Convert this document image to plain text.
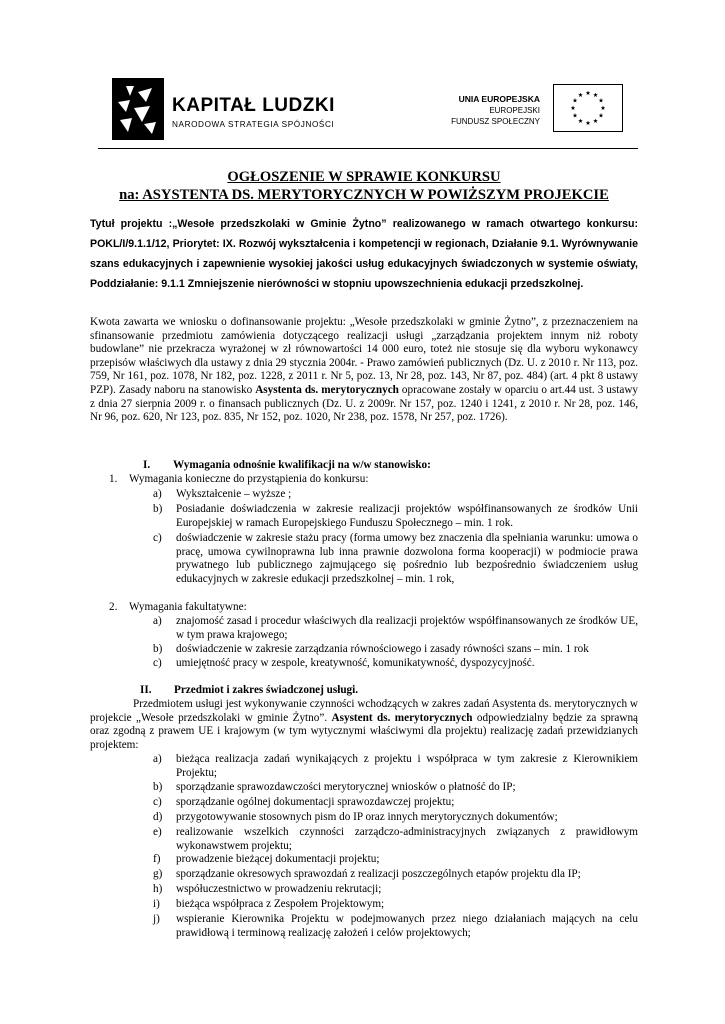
KAPITAŁ LUDZKI
NARODOWA STRATEGIA SPÓJNOŚCI
UNIA EUROPEJSKA
EUROPEJSKI
FUNDUSZ SPOŁECZNY
OGŁOSZENIE W SPRAWIE KONKURSU
na: ASYSTENTA DS. MERYTORYCZNYCH W POWIŻSZYM PROJEKCIE
Tytuł projektu :„Wesołe przedszkolaki w Gminie Żytno” realizowanego w ramach otwartego konkursu: POKL/I/9.1.1/12, Priorytet: IX. Rozwój wykształcenia i kompetencji w regionach, Działanie 9.1. Wyrównywanie szans edukacyjnych i zapewnienie wysokiej jakości usług edukacyjnych świadczonych w systemie oświaty, Poddziałanie: 9.1.1 Zmniejszenie nierówności w stopniu upowszechnienia edukacji przedszkolnej.
Kwota zawarta we wniosku o dofinansowanie projektu: „Wesołe przedszkolaki w gminie Żytno”, z przeznaczeniem na sfinansowanie przedmiotu zamówienia dotyczącego realizacji usługi „zarządzania projektem innym niż roboty budowlane” nie przekracza wyrażonej w zł równowartości 14 000 euro, toteż nie stosuje się dla wyboru wykonawcy przepisów właściwych dla ustawy z dnia 29 stycznia 2004r. - Prawo zamówień publicznych (Dz. U. z 2010 r. Nr 113, poz. 759, Nr 161, poz. 1078, Nr 182, poz. 1228, z 2011 r. Nr 5, poz. 13, Nr 28, poz. 143, Nr 87, poz. 484) (art. 4 pkt 8 ustawy PZP). Zasady naboru na stanowisko Asystenta ds. merytorycznych opracowane zostały w oparciu o art.44 ust. 3 ustawy z dnia 27 sierpnia 2009 r. o finansach publicznych (Dz. U. z 2009r. Nr 157, poz. 1240 i 1241, z 2010 r. Nr 28, poz. 146, Nr 96, poz. 620, Nr 123, poz. 835, Nr 152, poz. 1020, Nr 238, poz. 1578, Nr 257, poz. 1726).
I. Wymagania odnośnie kwalifikacji na w/w stanowisko:
1. Wymagania konieczne do przystąpienia do konkursu:
a) Wykształcenie – wyższe ;
b) Posiadanie doświadczenia w zakresie realizacji projektów współfinansowanych ze środków Unii Europejskiej w ramach Europejskiego Funduszu Społecznego – min. 1 rok.
c) doświadczenie w zakresie stażu pracy (forma umowy bez znaczenia dla spełniania warunku: umowa o pracę, umowa cywilnoprawna lub inna prawnie dozwolona forma kooperacji) w podmiocie prawa prywatnego lub publicznego zajmującego się pośrednio lub bezpośrednio świadczeniem usług edukacyjnych w zakresie edukacji przedszkolnej – min. 1 rok,
2. Wymagania fakultatywne:
a) znajomość zasad i procedur właściwych dla realizacji projektów współfinansowanych ze środków UE, w tym prawa krajowego;
b) doświadczenie w zakresie zarządzania równościowego i zasady równości szans – min. 1 rok
c) umiejętność pracy w zespole, kreatywność, komunikatywność, dyspozycyjność.
II. Przedmiot i zakres świadczonej usługi.
Przedmiotem usługi jest wykonywanie czynności wchodzących w zakres zadań Asystenta ds. merytorycznych w projekcie „Wesołe przedszkolaki w gminie Żytno”. Asystent ds. merytorycznych odpowiedzialny będzie za sprawną oraz zgodną z prawem UE i krajowym (w tym wytycznymi właściwymi dla projektu) realizację zadań przewidzianych projektem:
a) bieżąca realizacja zadań wynikających z projektu i współpraca w tym zakresie z Kierownikiem Projektu;
b) sporządzanie sprawozdawczości merytorycznej wniosków o płatność do IP;
c) sporządzanie ogólnej dokumentacji sprawozdawczej projektu;
d) przygotowywanie stosownych pism do IP oraz innych merytorycznych dokumentów;
e) realizowanie wszelkich czynności zarządczo-administracyjnych związanych z prawidłowym wykonawstwem projektu;
f) prowadzenie bieżącej dokumentacji projektu;
g) sporządzanie okresowych sprawozdań z realizacji poszczególnych etapów projektu dla IP;
h) współuczestnictwo w prowadzeniu rekrutacji;
i) bieżąca współpraca z Zespołem Projektowym;
j) wspieranie Kierownika Projektu w podejmowanych przez niego działaniach mających na celu prawidłową i terminową realizację założeń i celów projektowych;
